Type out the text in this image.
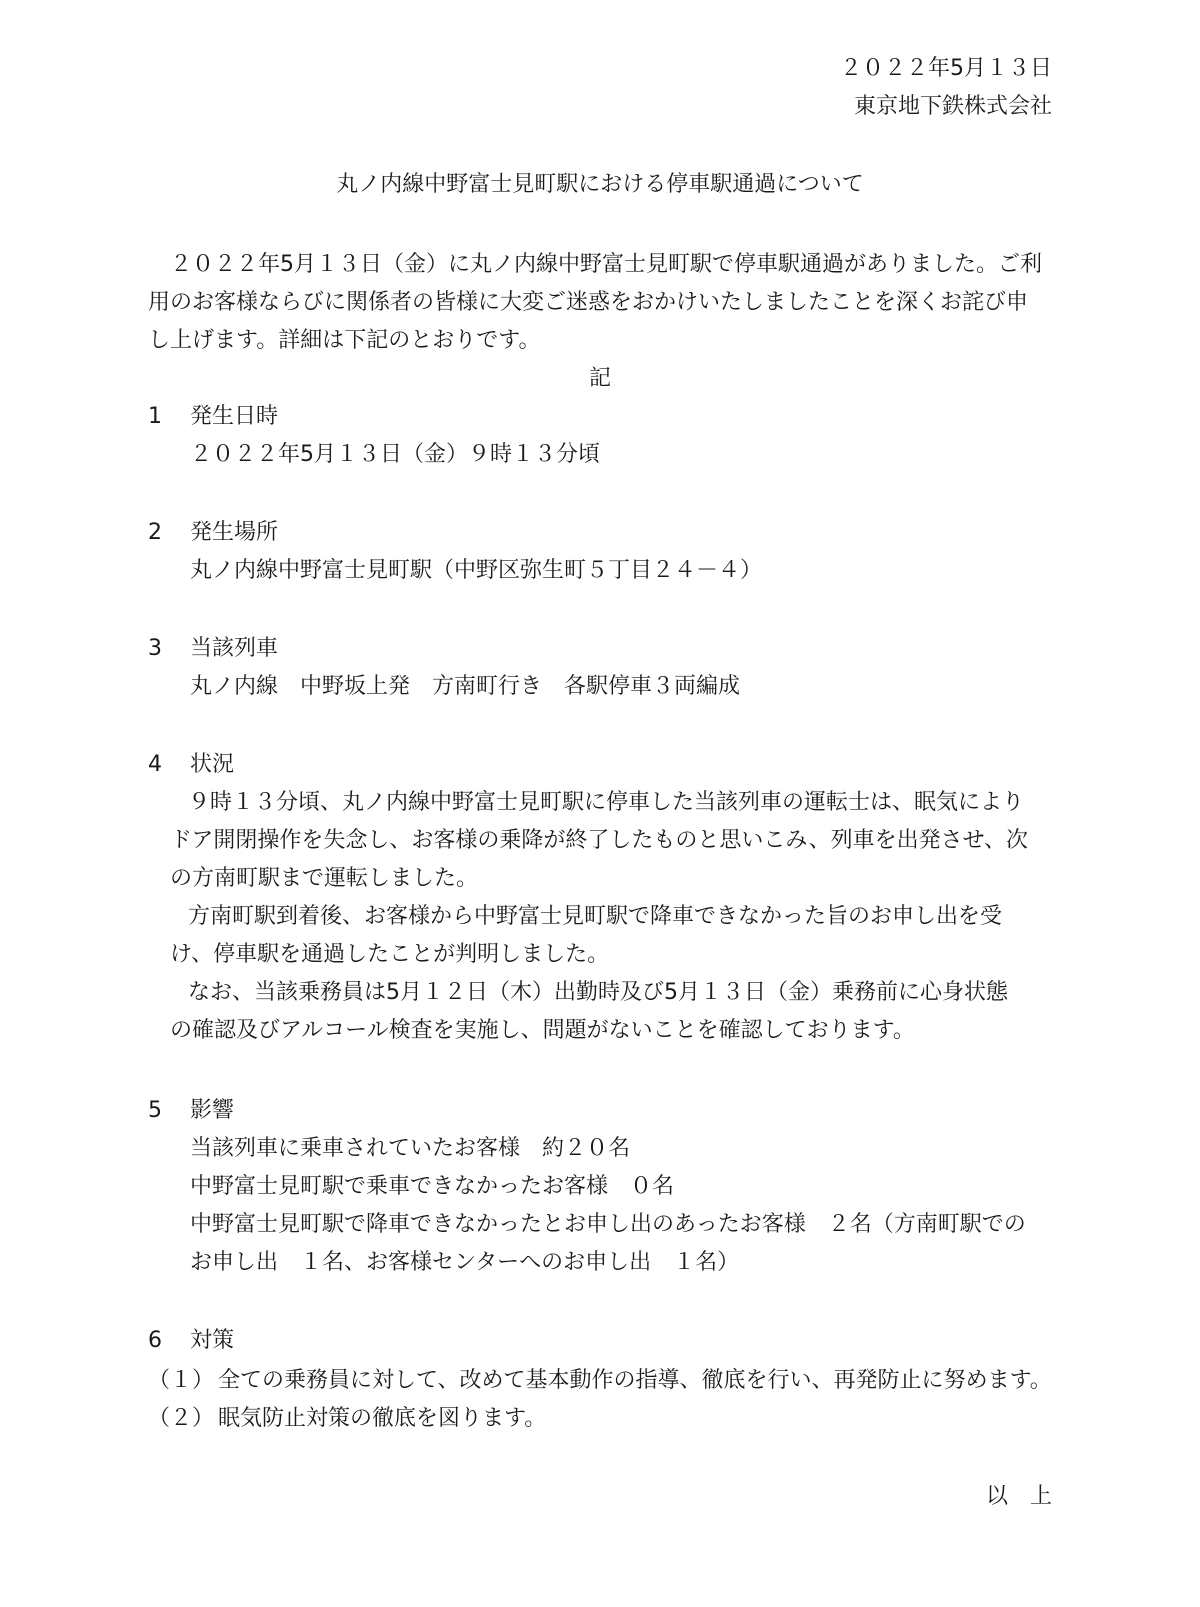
２０２２年5月１３日
東京地下鉄株式会社
丸ノ内線中野富士見町駅における停車駅通過について
　２０２２年5月１３日（金）に丸ノ内線中野富士見町駅で停車駅通過がありました。ご利
用のお客様ならびに関係者の皆様に大変ご迷惑をおかけいたしましたことを深くお詫び申
し上げます。詳細は下記のとおりです。
記
1 発生日時
２０２２年5月１３日（金）９時１３分頃
2 発生場所
丸ノ内線中野富士見町駅（中野区弥生町５丁目２４－４）
3 当該列車
丸ノ内線　中野坂上発　方南町行き　各駅停車３両編成
4 状況
９時１３分頃、丸ノ内線中野富士見町駅に停車した当該列車の運転士は、眠気により
ドア開閉操作を失念し、お客様の乗降が終了したものと思いこみ、列車を出発させ、次
の方南町駅まで運転しました。
方南町駅到着後、お客様から中野富士見町駅で降車できなかった旨のお申し出を受
け、停車駅を通過したことが判明しました。
なお、当該乗務員は5月１２日（木）出勤時及び5月１３日（金）乗務前に心身状態
の確認及びアルコール検査を実施し、問題がないことを確認しております。
5 影響
当該列車に乗車されていたお客様　約２０名
中野富士見町駅で乗車できなかったお客様　０名
中野富士見町駅で降車できなかったとお申し出のあったお客様　２名（方南町駅での
お申し出　１名、お客様センターへのお申し出　１名）
6 対策
（１） 全ての乗務員に対して、改めて基本動作の指導、徹底を行い、再発防止に努めます。
（２） 眠気防止対策の徹底を図ります。
以　上
